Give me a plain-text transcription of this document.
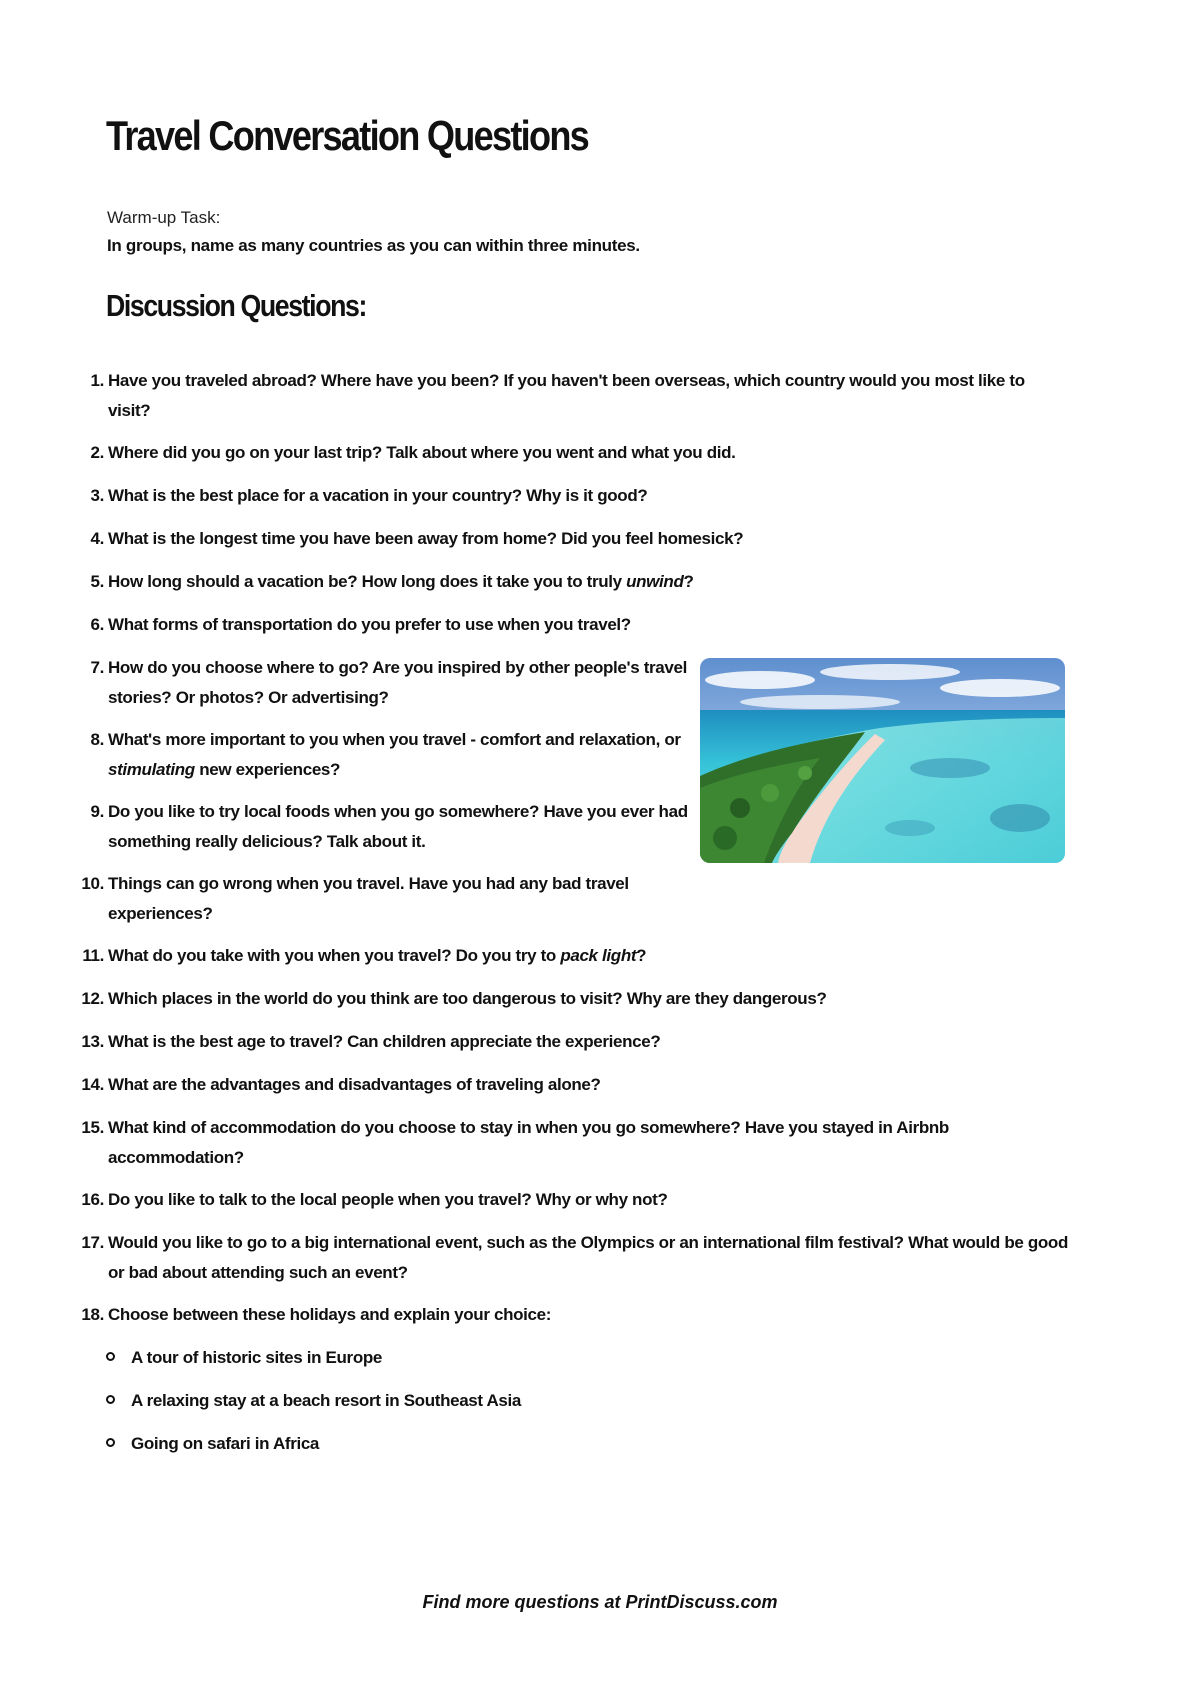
Travel Conversation Questions

Warm-up Task:

In groups, name as many countries as you can within three minutes.

Discussion Questions:
1. Have you traveled abroad? Where have you been? If you haven't been overseas, which country would you most like to visit?
2. Where did you go on your last trip? Talk about where you went and what you did.
3. What is the best place for a vacation in your country? Why is it good?
4. What is the longest time you have been away from home? Did you feel homesick?
5. How long should a vacation be? How long does it take you to truly unwind?
6. What forms of transportation do you prefer to use when you travel?
7. How do you choose where to go? Are you inspired by other people's travel stories? Or photos? Or advertising?
8. What's more important to you when you travel - comfort and relaxation, or stimulating new experiences?
9. Do you like to try local foods when you go somewhere? Have you ever had something really delicious? Talk about it.
10. Things can go wrong when you travel. Have you had any bad travel experiences?
11. What do you take with you when you travel? Do you try to pack light?
12. Which places in the world do you think are too dangerous to visit? Why are they dangerous?
13. What is the best age to travel? Can children appreciate the experience?
14. What are the advantages and disadvantages of traveling alone?
15. What kind of accommodation do you choose to stay in when you go somewhere? Have you stayed in Airbnb accommodation?
16. Do you like to talk to the local people when you travel? Why or why not?
17. Would you like to go to a big international event, such as the Olympics or an international film festival? What would be good or bad about attending such an event?
18. Choose between these holidays and explain your choice:
A tour of historic sites in Europe
A relaxing stay at a beach resort in Southeast Asia
Going on safari in Africa
Find more questions at PrintDiscuss.com
